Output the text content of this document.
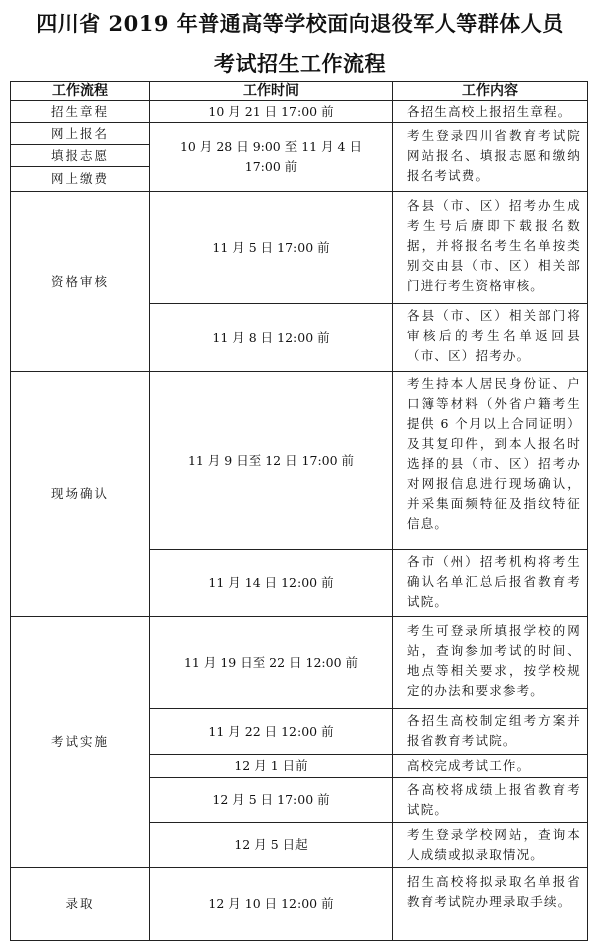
四川省 2019 年普通高等学校面向退役军人等群体人员
考试招生工作流程
工作流程	工作时间	工作内容
招生章程
网上报名
填报志愿
网上缴费
资格审核
现场确认
考试实施
录取
10 月 21 日 17:00 前
10 月 28 日 9:00 至 11 月 4 日 17:00 前
11 月 5 日 17:00 前
11 月 8 日 12:00 前
11 月 9 日至 12 日 17:00 前
11 月 14 日 12:00 前
11 月 19 日至 22 日 12:00 前
11 月 22 日 12:00 前
12 月 1 日前
12 月 5 日 17:00 前
12 月 5 日起
12 月 10 日 12:00 前
各招生高校上报招生章程。
考生登录四川省教育考试院网站报名、填报志愿和缴纳报名考试费。
各县（市、区）招考办生成考生号后赓即下载报名数据，并将报名考生名单按类别交由县（市、区）相关部门进行考生资格审核。
各县（市、区）相关部门将审核后的考生名单返回县（市、区）招考办。
考生持本人居民身份证、户口簿等材料（外省户籍考生提供 6 个月以上合同证明）及其复印件，到本人报名时选择的县（市、区）招考办对网报信息进行现场确认，并采集面频特征及指纹特征信息。
各市（州）招考机构将考生确认名单汇总后报省教育考试院。
考生可登录所填报学校的网站，查询参加考试的时间、地点等相关要求，按学校规定的办法和要求参考。
各招生高校制定组考方案并报省教育考试院。
高校完成考试工作。
各高校将成绩上报省教育考试院。
考生登录学校网站，查询本人成绩或拟录取情况。
招生高校将拟录取名单报省教育考试院办理录取手续。
